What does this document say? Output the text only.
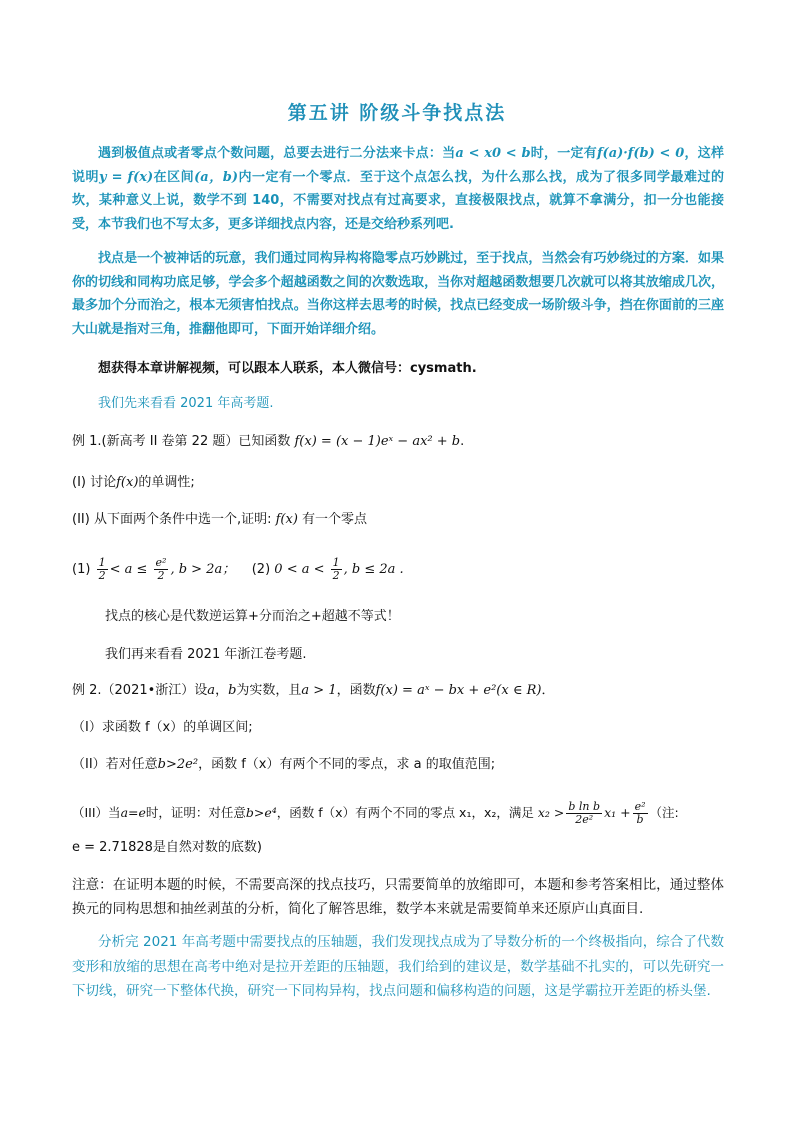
第五讲 阶级斗争找点法
遇到极值点或者零点个数问题，总要去进行二分法来卡点：当a < x0 < b时，一定有f(a)·f(b) < 0，这样说明y = f(x)在区间(a，b)内一定有一个零点．至于这个点怎么找，为什么那么找，成为了很多同学最难过的坎，某种意义上说，数学不到 140，不需要对找点有过高要求，直接极限找点，就算不拿满分，扣一分也能接受，本节我们也不写太多，更多详细找点内容，还是交给秒系列吧.
找点是一个被神话的玩意，我们通过同构异构将隐零点巧妙跳过，至于找点，当然会有巧妙绕过的方案．如果你的切线和同构功底足够，学会多个超越函数之间的次数选取，当你对超越函数想要几次就可以将其放缩成几次，最多加个分而治之，根本无须害怕找点。当你这样去思考的时候，找点已经变成一场阶级斗争，挡在你面前的三座大山就是指对三角，推翻他即可，下面开始详细介绍。
想获得本章讲解视频，可以跟本人联系，本人微信号：cysmath.
我们先来看看 2021 年高考题.
例 1.(新高考 II 卷第 22 题）已知函数 f(x) = (x − 1)eˣ − ax² + b.
(I) 讨论f(x)的单调性;
(II) 从下面两个条件中选一个,证明: f(x) 有一个零点
$(1) \frac{1}{2} < a \le \frac{\text{e²}}{2}$ , b > 2a； (2) $0 < a < \frac{1}{2}$ , b ≤ 2a .
找点的核心是代数逆运算+分而治之+超越不等式！
我们再来看看 2021 年浙江卷考题.
例 2.（2021•浙江）设a，b为实数，且a > 1，函数f(x) = aˣ − bx + e²(x ∈ R)．
（I）求函数 f（x）的单调区间;
（II）若对任意b>2e²，函数 f（x）有两个不同的零点，求 a 的取值范围;
（III）当a=e时，证明：对任意b>e⁴，函数 f（x）有两个不同的零点 x₁，x₂，满足 $x_2 > \frac{\text{b ln b}}{\text{2e²}} x_1 + \frac{\text{e²}}{b}$ （注:
e = 2.71828是自然对数的底数)
注意：在证明本题的时候，不需要高深的找点技巧，只需要简单的放缩即可，本题和参考答案相比，通过整体换元的同构思想和抽丝剥茧的分析，简化了解答思维，数学本来就是需要简单来还原庐山真面目.
分析完 2021 年高考题中需要找点的压轴题，我们发现找点成为了导数分析的一个终极指向，综合了代数变形和放缩的思想在高考中绝对是拉开差距的压轴题，我们给到的建议是，数学基础不扎实的，可以先研究一下切线，研究一下整体代换，研究一下同构异构，找点问题和偏移构造的问题，这是学霸拉开差距的桥头堡.
